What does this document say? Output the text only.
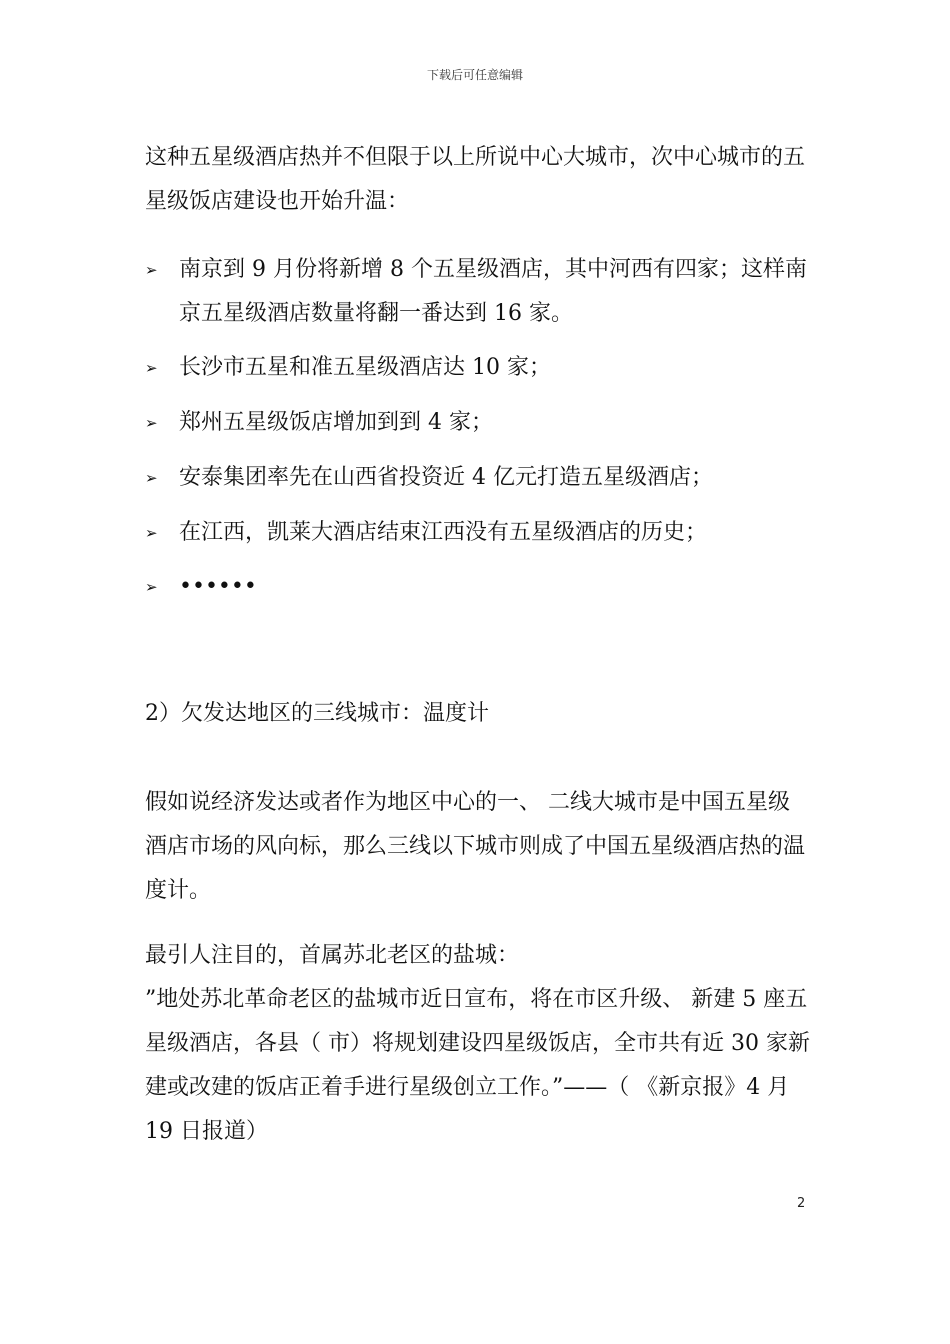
下载后可任意编辑

这种五星级酒店热并不但限于以上所说中心大城市，次中心城市的五星级饭店建设也开始升温：

➢ 南京到 9 月份将新增 8 个五星级酒店，其中河西有四家；这样南京五星级酒店数量将翻一番达到 16 家。
➢ 长沙市五星和准五星级酒店达 10 家；
➢ 郑州五星级饭店增加到到 4 家；
➢ 安泰集团率先在山西省投资近 4 亿元打造五星级酒店；
➢ 在江西，凯莱大酒店结束江西没有五星级酒店的历史；
➢ ••••••
2）欠发达地区的三线城市：温度计

假如说经济发达或者作为地区中心的一、 二线大城市是中国五星级酒店市场的风向标，那么三线以下城市则成了中国五星级酒店热的温度计。

最引人注目的，首属苏北老区的盐城：

”地处苏北革命老区的盐城市近日宣布，将在市区升级、 新建 5 座五星级酒店，各县（ 市）将规划建设四星级饭店，全市共有近 30 家新建或改建的饭店正着手进行星级创立工作。”——（ 《新京报》4 月 19 日报道）

2
